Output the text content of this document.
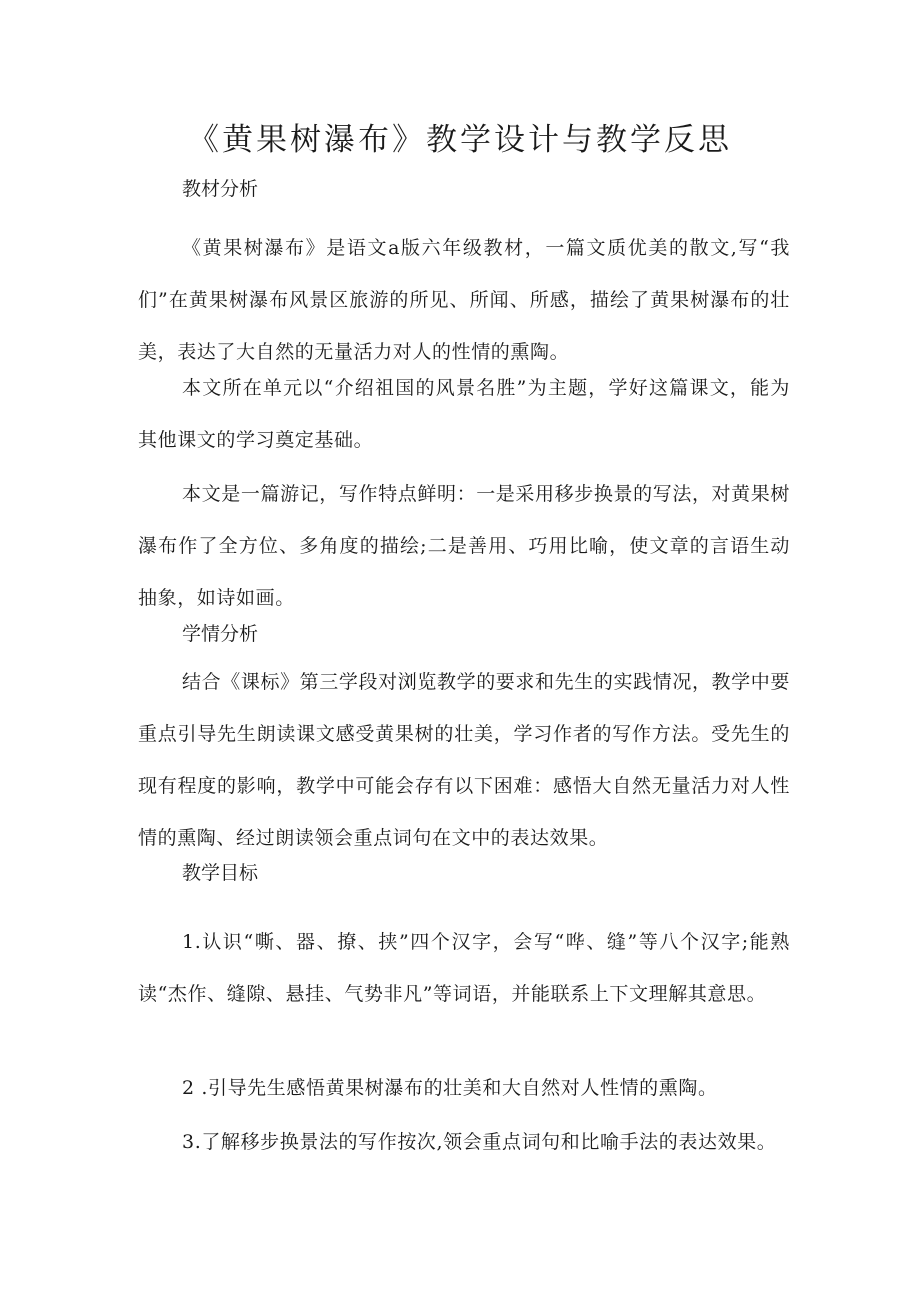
《黄果树瀑布》教学设计与教学反思
教材分析

《黄果树瀑布》是语文a版六年级教材，一篇文质优美的散文,写“我们”在黄果树瀑布风景区旅游的所见、所闻、所感，描绘了黄果树瀑布的壮美，表达了大自然的无量活力对人的性情的熏陶。

本文所在单元以“介绍祖国的风景名胜”为主题，学好这篇课文，能为其他课文的学习奠定基础。

本文是一篇游记，写作特点鲜明：一是采用移步换景的写法，对黄果树瀑布作了全方位、多角度的描绘;二是善用、巧用比喻，使文章的言语生动抽象，如诗如画。

学情分析

结合《课标》第三学段对浏览教学的要求和先生的实践情况，教学中要重点引导先生朗读课文感受黄果树的壮美，学习作者的写作方法。受先生的现有程度的影响，教学中可能会存有以下困难：感悟大自然无量活力对人性情的熏陶、经过朗读领会重点词句在文中的表达效果。

教学目标

1.认识“嘶、器、撩、挟”四个汉字，会写“哗、缝”等八个汉字;能熟读“杰作、缝隙、悬挂、气势非凡”等词语，并能联系上下文理解其意思。

2 .引导先生感悟黄果树瀑布的壮美和大自然对人性情的熏陶。

3.了解移步换景法的写作按次,领会重点词句和比喻手法的表达效果。
